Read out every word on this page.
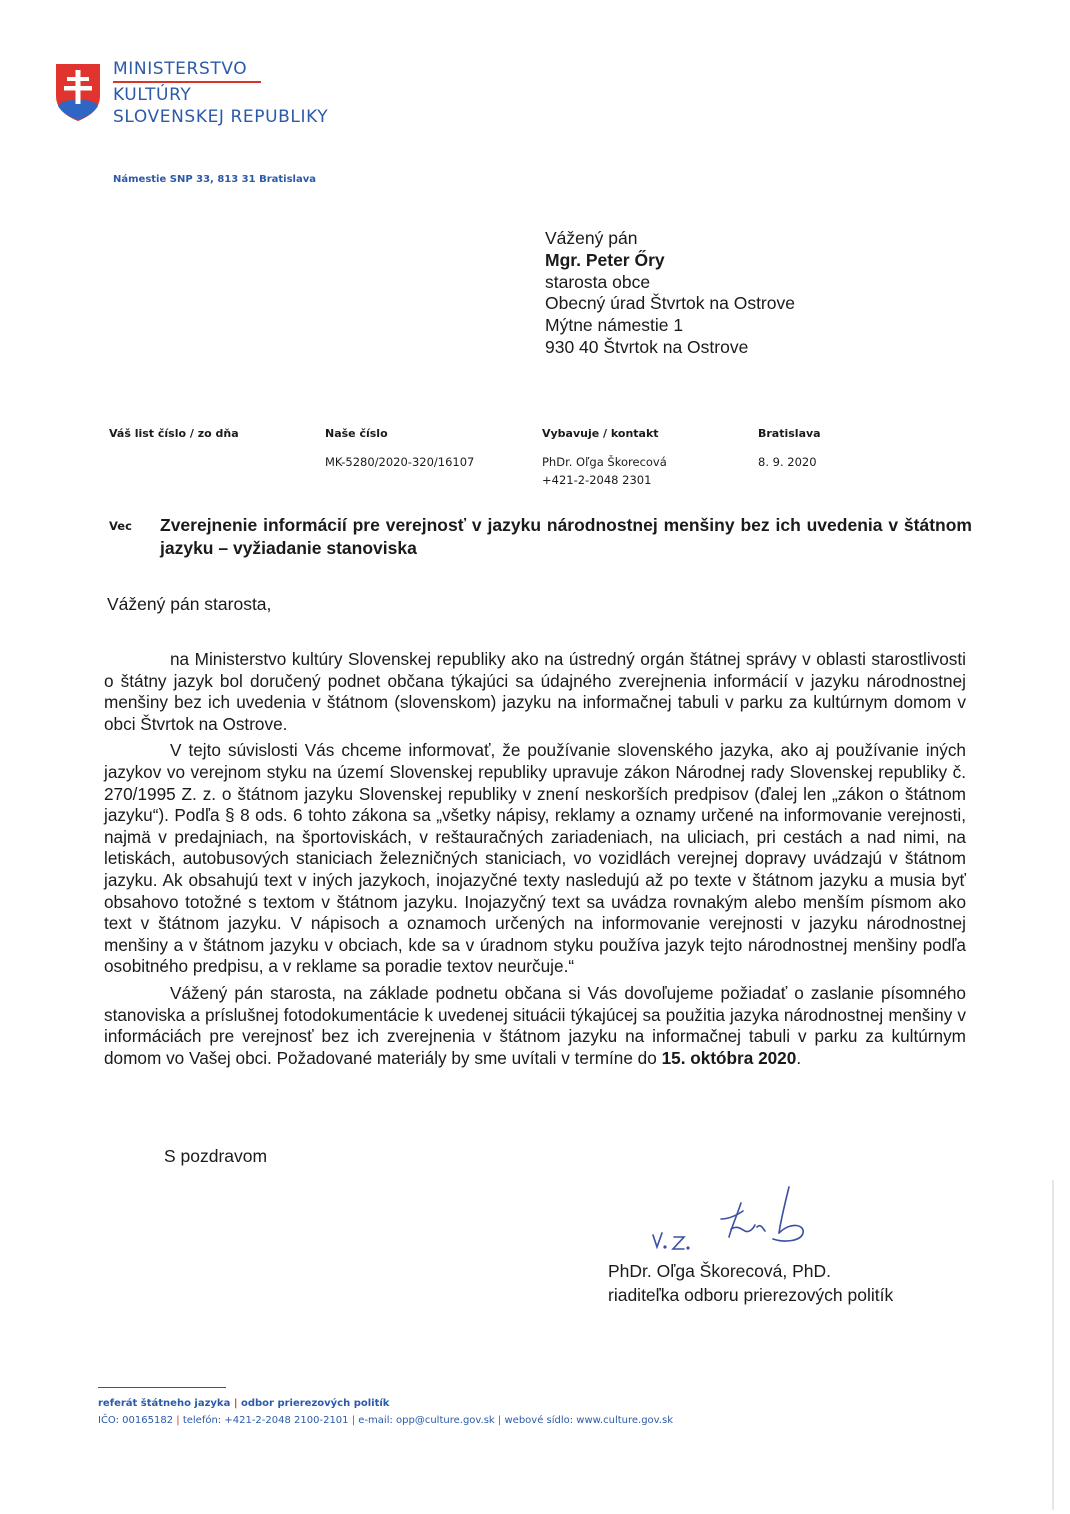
MINISTERSTVO
KULTÚRY
SLOVENSKEJ REPUBLIKY
Námestie SNP 33, 813 31 Bratislava
Vážený pán
Mgr. Peter Őry
starosta obce
Obecný úrad Štvrtok na Ostrove
Mýtne námestie 1
930 40 Štvrtok na Ostrove
Váš list číslo / zo dňa	Naše číslo
MK-5280/2020-320/16107
Vybavuje / kontakt
PhDr. Oľga Škorecová
+421-2-2048 2301
Bratislava
8. 9. 2020
Vec Zverejnenie informácií pre verejnosť v jazyku národnostnej menšiny bez ich uvedenia v štátnom jazyku – vyžiadanie stanoviska
Vážený pán starosta,

na Ministerstvo kultúry Slovenskej republiky ako na ústredný orgán štátnej správy v oblasti starostlivosti o štátny jazyk bol doručený podnet občana týkajúci sa údajného zverejnenia informácií v jazyku národnostnej menšiny bez ich uvedenia v štátnom (slovenskom) jazyku na informačnej tabuli v parku za kultúrnym domom v obci Štvrtok na Ostrove.

V tejto súvislosti Vás chceme informovať, že používanie slovenského jazyka, ako aj používanie iných jazykov vo verejnom styku na území Slovenskej republiky upravuje zákon Národnej rady Slovenskej republiky č. 270/1995 Z. z. o štátnom jazyku Slovenskej republiky v znení neskorších predpisov (ďalej len „zákon o štátnom jazyku“). Podľa § 8 ods. 6 tohto zákona sa „všetky nápisy, reklamy a oznamy určené na informovanie verejnosti, najmä v predajniach, na športoviskách, v reštauračných zariadeniach, na uliciach, pri cestách a nad nimi, na letiskách, autobusových staniciach železničných staniciach, vo vozidlách verejnej dopravy uvádzajú v štátnom jazyku. Ak obsahujú text v iných jazykoch, inojazyčné texty nasledujú až po texte v štátnom jazyku a musia byť obsahovo totožné s textom v štátnom jazyku. Inojazyčný text sa uvádza rovnakým alebo menším písmom ako text v štátnom jazyku. V nápisoch a oznamoch určených na informovanie verejnosti v jazyku národnostnej menšiny a v štátnom jazyku v obciach, kde sa v úradnom styku používa jazyk tejto národnostnej menšiny podľa osobitného predpisu, a v reklame sa poradie textov neurčuje.“

Vážený pán starosta, na základe podnetu občana si Vás dovoľujeme požiadať o zaslanie písomného stanoviska a príslušnej fotodokumentácie k uvedenej situácii týkajúcej sa použitia jazyka národnostnej menšiny v informáciách pre verejnosť bez ich zverejnenia v štátnom jazyku na informačnej tabuli v parku za kultúrnym domom vo Vašej obci. Požadované materiály by sme uvítali v termíne do 15. októbra 2020.

S pozdravom
PhDr. Oľga Škorecová, PhD.
riaditeľka odboru prierezových politík
referát štátneho jazyka | odbor prierezových politík
IČO: 00165182 | telefón: +421-2-2048 2100-2101 | e-mail: opp@culture.gov.sk | webové sídlo: www.culture.gov.sk
